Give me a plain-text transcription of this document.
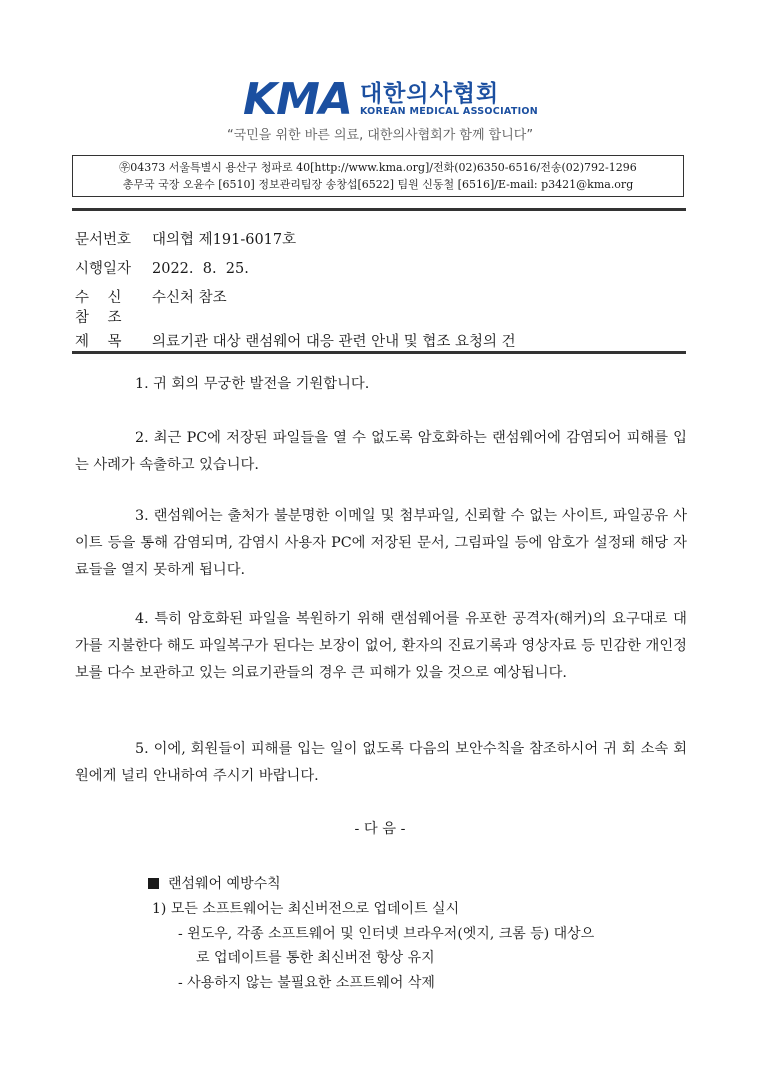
KMA 대한의사협회
KOREAN MEDICAL ASSOCIATION
“국민을 위한 바른 의료, 대한의사협회가 함께 합니다”
㉾04373 서울특별시 용산구 청파로 40[http://www.kma.org]/전화(02)6350-6516/전송(02)792-1296
총무국 국장 오윤수 [6510] 정보관리팀장 송창섭[6522] 팀원 신동철 [6516]/E-mail: p3421@kma.org
문서번호 대의협 제191-6017호
시행일자 2022.  8.  25.
수    신 수신처 참조
참    조
제    목 의료기관 대상 랜섬웨어 대응 관련 안내 및 협조 요청의 건
1. 귀 회의 무궁한 발전을 기원합니다.
2. 최근 PC에 저장된 파일들을 열 수 없도록 암호화하는 랜섬웨어에 감염되어 피해를 입는 사례가 속출하고 있습니다.
3. 랜섬웨어는 출처가 불분명한 이메일 및 첨부파일, 신뢰할 수 없는 사이트, 파일공유 사이트 등을 통해 감염되며, 감염시 사용자 PC에 저장된 문서, 그림파일 등에 암호가 설정돼 해당 자료들을 열지 못하게 됩니다.
4. 특히 암호화된 파일을 복원하기 위해 랜섬웨어를 유포한 공격자(해커)의 요구대로 대가를 지불한다 해도 파일복구가 된다는 보장이 없어, 환자의 진료기록과 영상자료 등 민감한 개인정보를 다수 보관하고 있는 의료기관들의 경우 큰 피해가 있을 것으로 예상됩니다.
5. 이에, 회원들이 피해를 입는 일이 없도록 다음의 보안수칙을 참조하시어 귀 회 소속 회원에게 널리 안내하여 주시기 바랍니다.
- 다 음 -
랜섬웨어 예방수칙
1) 모든 소프트웨어는 최신버전으로 업데이트 실시
- 윈도우, 각종 소프트웨어 및 인터넷 브라우저(엣지, 크롬 등) 대상으
로 업데이트를 통한 최신버전 항상 유지
- 사용하지 않는 불필요한 소프트웨어 삭제
